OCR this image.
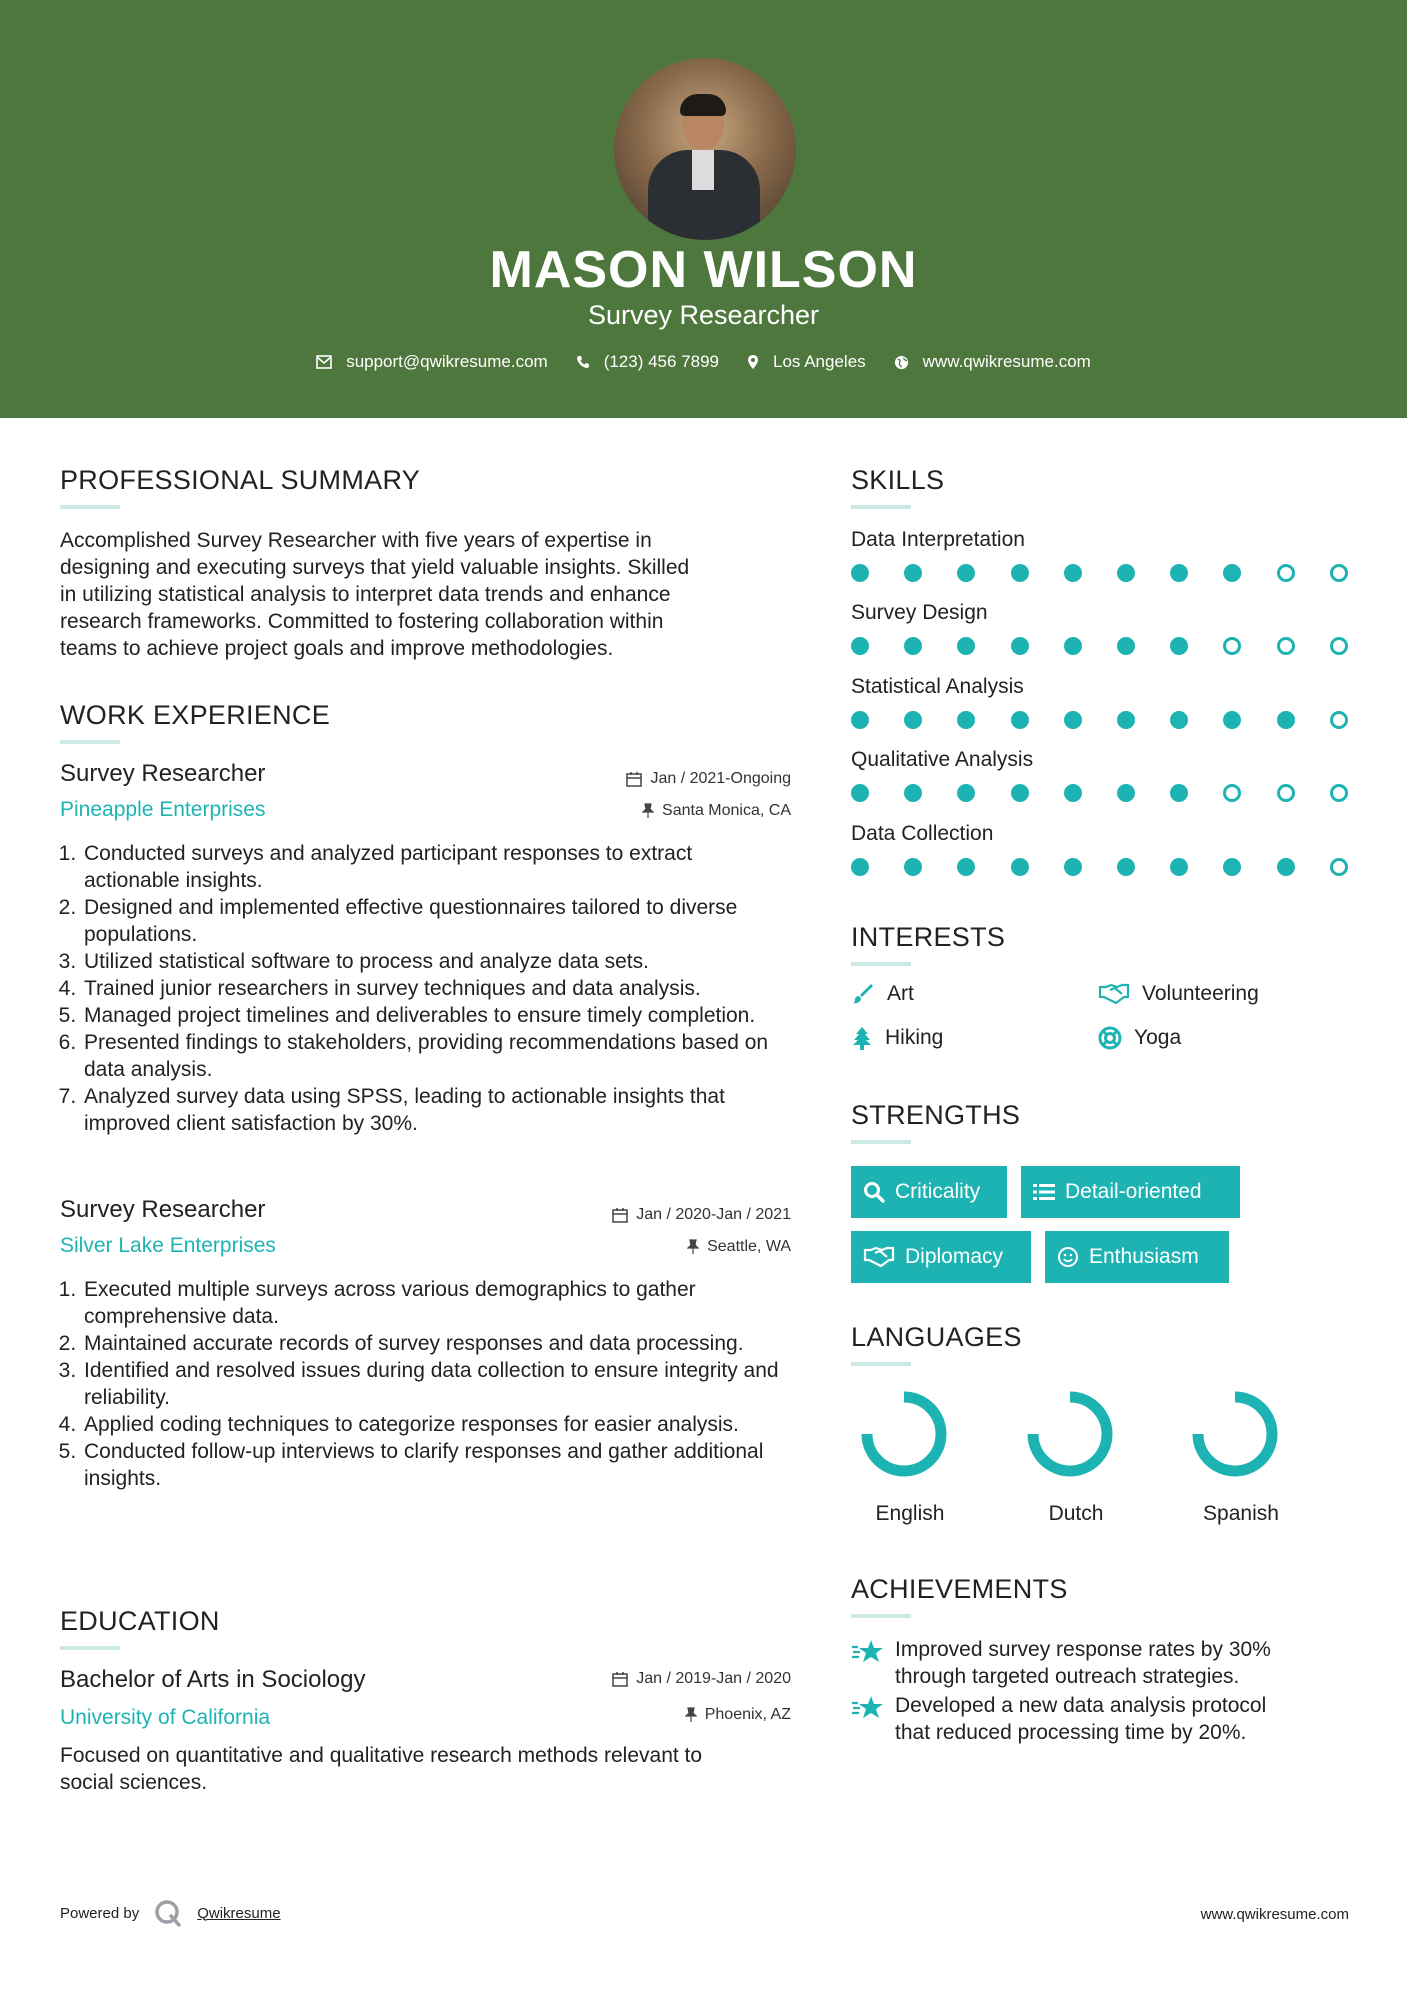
MASON WILSON
Survey Researcher
support@qwikresume.com	(123) 456 7899	Los Angeles	www.qwikresume.com
PROFESSIONAL SUMMARY
Accomplished Survey Researcher with five years of expertise in
designing and executing surveys that yield valuable insights. Skilled
in utilizing statistical analysis to interpret data trends and enhance
research frameworks. Committed to fostering collaboration within
teams to achieve project goals and improve methodologies.
WORK EXPERIENCE
Survey Researcher
Pineapple Enterprises
Jan / 2021-Ongoing
Santa Monica, CA
1. Conducted surveys and analyzed participant responses to extract actionable insights.
2. Designed and implemented effective questionnaires tailored to diverse populations.
3. Utilized statistical software to process and analyze data sets.
4. Trained junior researchers in survey techniques and data analysis.
5. Managed project timelines and deliverables to ensure timely completion.
6. Presented findings to stakeholders, providing recommendations based on data analysis.
7. Analyzed survey data using SPSS, leading to actionable insights that improved client satisfaction by 30%.
Survey Researcher
Silver Lake Enterprises
Jan / 2020-Jan / 2021
Seattle, WA
1. Executed multiple surveys across various demographics to gather comprehensive data.
2. Maintained accurate records of survey responses and data processing.
3. Identified and resolved issues during data collection to ensure integrity and reliability.
4. Applied coding techniques to categorize responses for easier analysis.
5. Conducted follow-up interviews to clarify responses and gather additional insights.
EDUCATION
Bachelor of Arts in Sociology
University of California
Jan / 2019-Jan / 2020
Phoenix, AZ
Focused on quantitative and qualitative research methods relevant to
social sciences.
SKILLS
Data Interpretation
Survey Design
Statistical Analysis
Qualitative Analysis
Data Collection
INTERESTS
Art	Volunteering
Hiking	Yoga
STRENGTHS
Criticality	Detail-oriented
Diplomacy	Enthusiasm
LANGUAGES
English	Dutch	Spanish
ACHIEVEMENTS
Improved survey response rates by 30%
through targeted outreach strategies.
Developed a new data analysis protocol
that reduced processing time by 20%.
Powered by	Qwikresume	www.qwikresume.com
